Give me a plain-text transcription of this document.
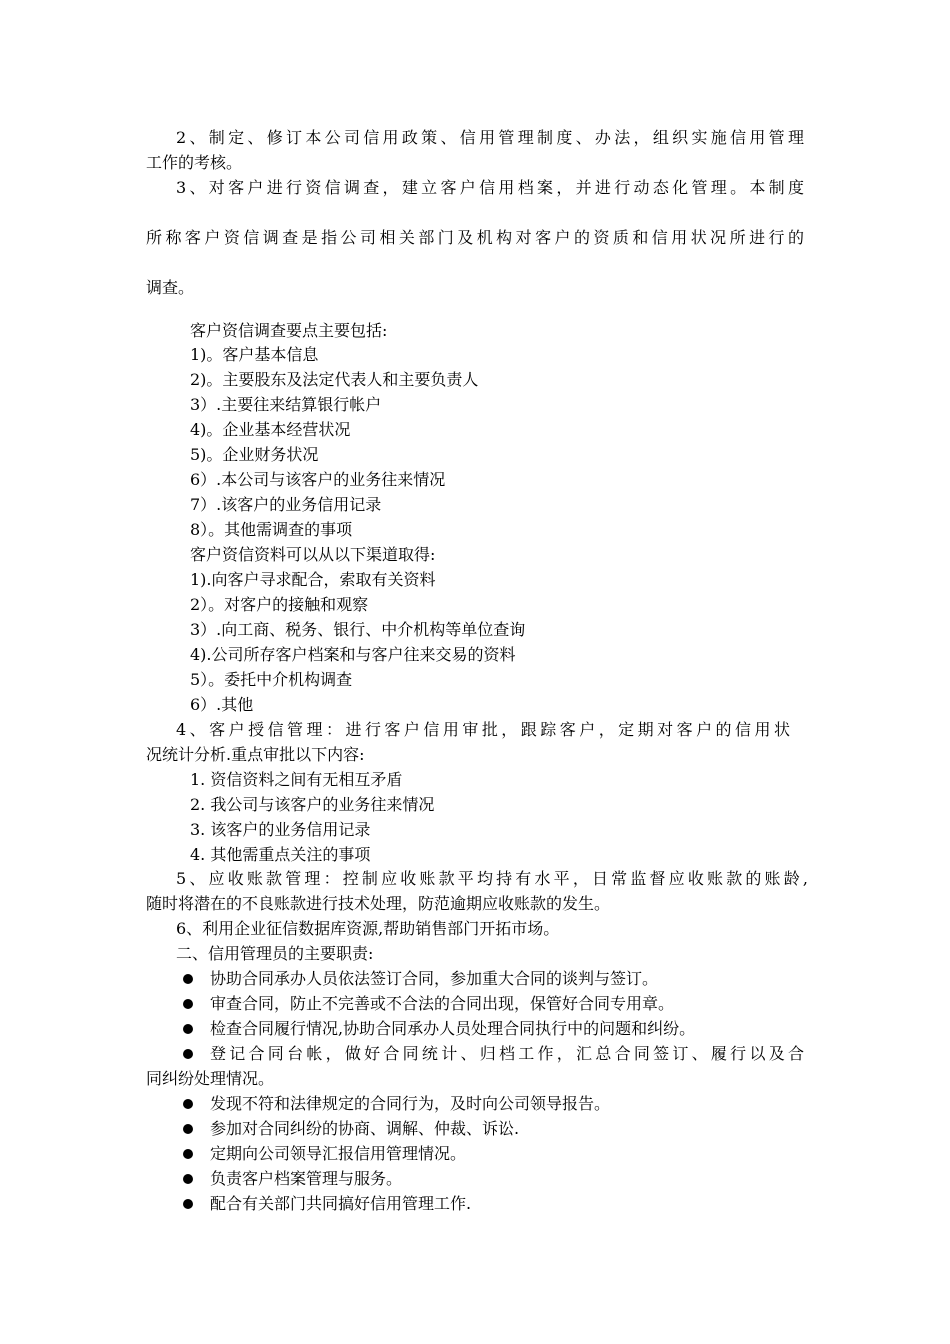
2、制定、修订本公司信用政策、信用管理制度、办法，组织实施信用管理
工作的考核。
3、对客户进行资信调查，建立客户信用档案，并进行动态化管理。本制度
所称客户资信调查是指公司相关部门及机构对客户的资质和信用状况所进行的
调查。
客户资信调查要点主要包括:
1)。客户基本信息
2)。主要股东及法定代表人和主要负责人
3）.主要往来结算银行帐户
4)。企业基本经营状况
5)。企业财务状况
6）.本公司与该客户的业务往来情况
7）.该客户的业务信用记录
8）。其他需调查的事项
客户资信资料可以从以下渠道取得:
1).向客户寻求配合，索取有关资料
2）。对客户的接触和观察
3）.向工商、税务、银行、中介机构等单位查询
4).公司所存客户档案和与客户往来交易的资料
5）。委托中介机构调查
6）.其他
4、客户授信管理：进行客户信用审批，跟踪客户，定期对客户的信用状
况统计分析.重点审批以下内容:
1. 资信资料之间有无相互矛盾
2. 我公司与该客户的业务往来情况
3. 该客户的业务信用记录
4. 其他需重点关注的事项
5、应收账款管理：控制应收账款平均持有水平，日常监督应收账款的账龄,
随时将潜在的不良账款进行技术处理，防范逾期应收账款的发生。
6、利用企业征信数据库资源,帮助销售部门开拓市场。
二、信用管理员的主要职责:
协助合同承办人员依法签订合同，参加重大合同的谈判与签订。
审查合同，防止不完善或不合法的合同出现，保管好合同专用章。
检查合同履行情况,协助合同承办人员处理合同执行中的问题和纠纷。
登记合同台帐，做好合同统计、归档工作，汇总合同签订、履行以及合
同纠纷处理情况。
发现不符和法律规定的合同行为，及时向公司领导报告。
参加对合同纠纷的协商、调解、仲裁、诉讼.
定期向公司领导汇报信用管理情况。
负责客户档案管理与服务。
配合有关部门共同搞好信用管理工作.
